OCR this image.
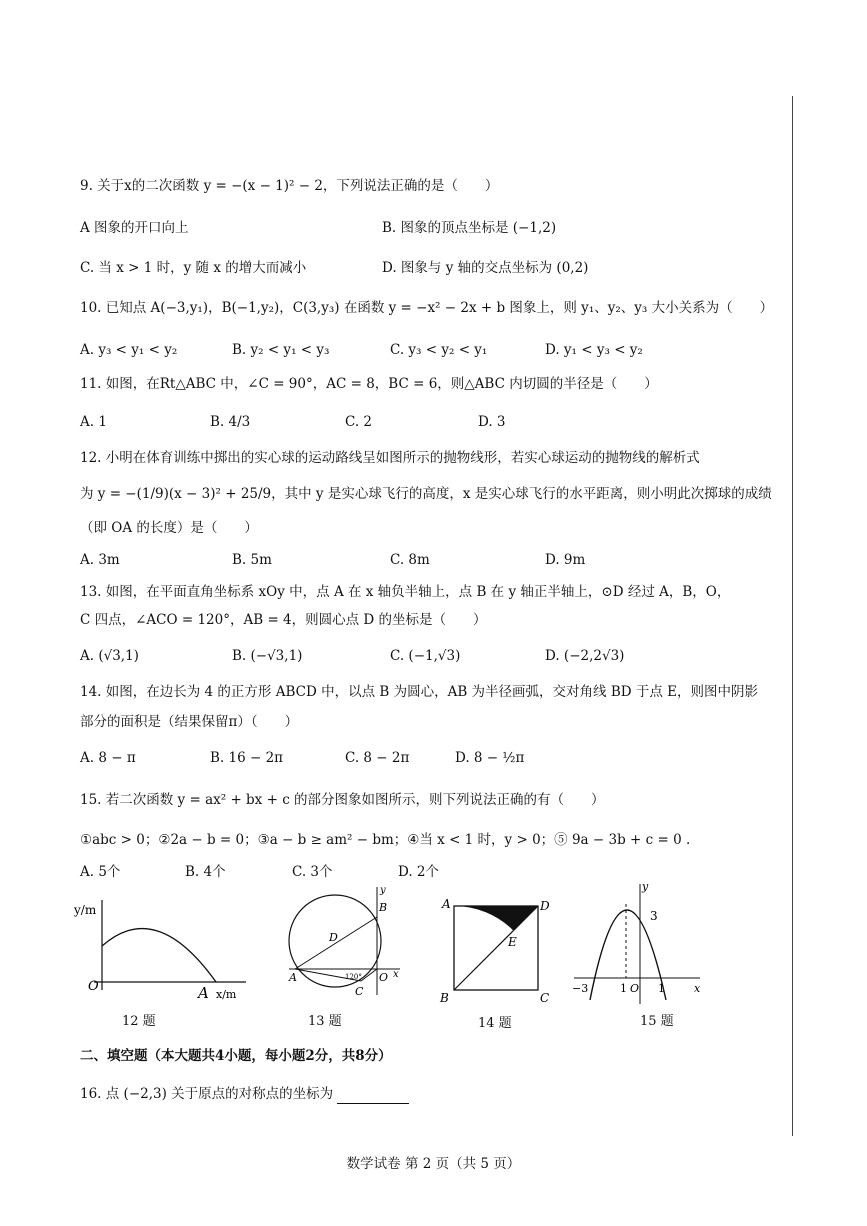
9. 关于x的二次函数 y = −(x − 1)² − 2，下列说法正确的是（　　）
A 图象的开口向上	B. 图象的顶点坐标是 (−1,2)
C. 当 x > 1 时，y 随 x 的增大而减小	D. 图象与 y 轴的交点坐标为 (0,2)
10. 已知点 A(−3,y₁)，B(−1,y₂)，C(3,y₃) 在函数 y = −x² − 2x + b 图象上，则 y₁、y₂、y₃ 大小关系为（　　）
A. y₃ < y₁ < y₂	B. y₂ < y₁ < y₃	C. y₃ < y₂ < y₁	D. y₁ < y₃ < y₂
11. 如图，在Rt△ABC 中，∠C = 90°，AC = 8，BC = 6，则△ABC 内切圆的半径是（　　）
A. 1	B. 4/3	C. 2	D. 3
12. 小明在体育训练中掷出的实心球的运动路线呈如图所示的抛物线形，若实心球运动的抛物线的解析式
为 y = −(1/9)(x − 3)² + 25/9，其中 y 是实心球飞行的高度，x 是实心球飞行的水平距离，则小明此次掷球的成绩
（即 OA 的长度）是（　　）
A. 3m	B. 5m	C. 8m	D. 9m
13. 如图，在平面直角坐标系 xOy 中，点 A 在 x 轴负半轴上，点 B 在 y 轴正半轴上，⊙D 经过 A，B，O，
C 四点，∠ACO = 120°，AB = 4，则圆心点 D 的坐标是（　　）
A. (√3,1)	B. (−√3,1)	C. (−1,√3)	D. (−2,2√3)
14. 如图，在边长为 4 的正方形 ABCD 中，以点 B 为圆心，AB 为半径画弧，交对角线 BD 于点 E，则图中阴影
部分的面积是（结果保留π）（　　）
A. 8 − π	B. 16 − 2π	C. 8 − 2π	D. 8 − ½π
15. 若二次函数 y = ax² + bx + c 的部分图象如图所示，则下列说法正确的有（　　）
①abc > 0；②2a − b = 0；③a − b ≥ am² − bm；④当 x < 1 时，y > 0；⑤ 9a − 3b + c = 0 .
A. 5个	B. 4个	C. 3个	D. 2个
y/m
O	A x/m
12 题
B
D
A
C
O x
y
120°
13 题
A	D
E
B	C
14 题
y
x
3
−3	1 O 1
15 题
二、填空题（本大题共4小题，每小题2分，共8分）
16. 点 (−2,3) 关于原点的对称点的坐标为
数学试卷 第 2 页（共 5 页）
